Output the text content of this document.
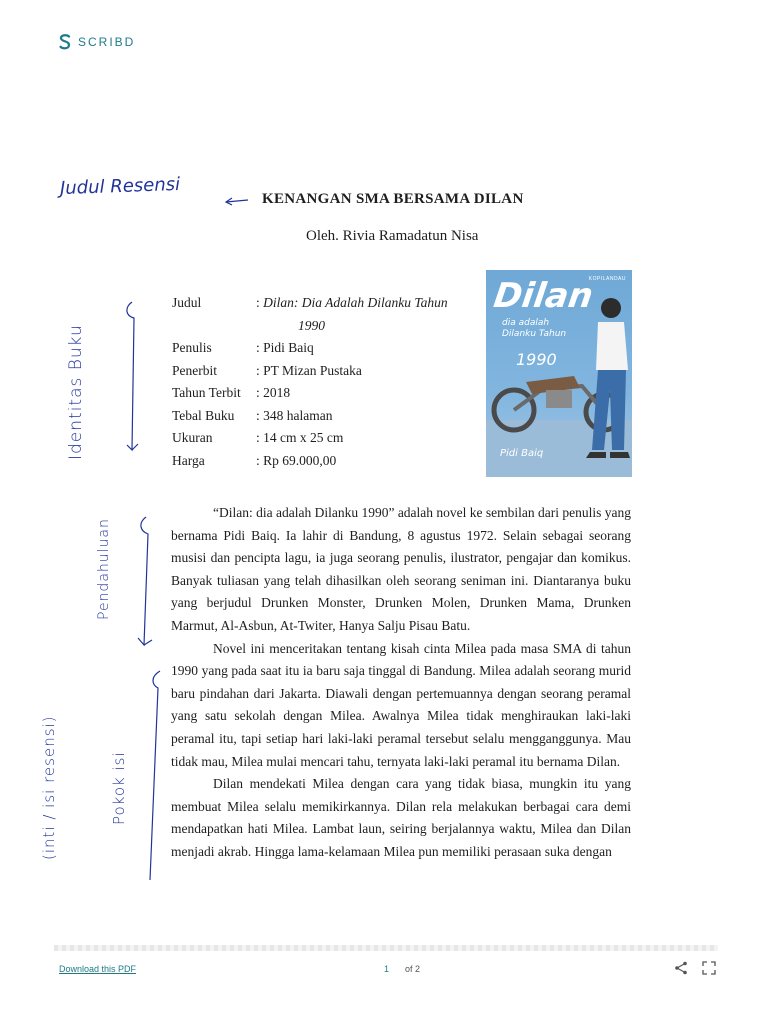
SCRIBD
Judul Resensi
Identitas Buku
Pendahuluan
(inti / isi resensi)	Pokok isi
KENANGAN SMA BERSAMA DILAN
Oleh. Rivia Ramadatun Nisa
Judul	: Dilan: Dia Adalah Dilanku Tahun
1990
Penulis	: Pidi Baiq
Penerbit	: PT Mizan Pustaka
Tahun Terbit	: 2018
Tebal Buku	: 348 halaman
Ukuran	: 14 cm x 25 cm
Harga	: Rp 69.000,00
KOPILANDAU
Dilan
dia adalah Dilanku Tahun
1990
Pidi Baiq

“Dilan: dia adalah Dilanku 1990” adalah novel ke sembilan dari penulis yang bernama Pidi Baiq. Ia lahir di Bandung, 8 agustus 1972. Selain sebagai seorang musisi dan pencipta lagu, ia juga seorang penulis, ilustrator, pengajar dan komikus. Banyak tuliasan yang telah dihasilkan oleh seorang seniman ini. Diantaranya buku yang berjudul Drunken Monster, Drunken Molen, Drunken Mama, Drunken Marmut, Al-Asbun, At-Twiter, Hanya Salju Pisau Batu.

Novel ini menceritakan tentang kisah cinta Milea pada masa SMA di tahun 1990 yang pada saat itu ia baru saja tinggal di Bandung. Milea adalah seorang murid baru pindahan dari Jakarta. Diawali dengan pertemuannya dengan seorang peramal yang satu sekolah dengan Milea. Awalnya Milea tidak menghiraukan laki-laki peramal itu, tapi setiap hari laki-laki peramal tersebut selalu mengganggunya. Mau tidak mau, Milea mulai mencari tahu, ternyata laki-laki peramal itu bernama Dilan.

Dilan mendekati Milea dengan cara yang tidak biasa, mungkin itu yang membuat Milea selalu memikirkannya. Dilan rela melakukan berbagai cara demi mendapatkan hati Milea. Lambat laun, seiring berjalannya waktu, Milea dan Dilan menjadi akrab. Hingga lama-kelamaan Milea pun memiliki perasaan suka dengan

Download this PDF	1 of 2
